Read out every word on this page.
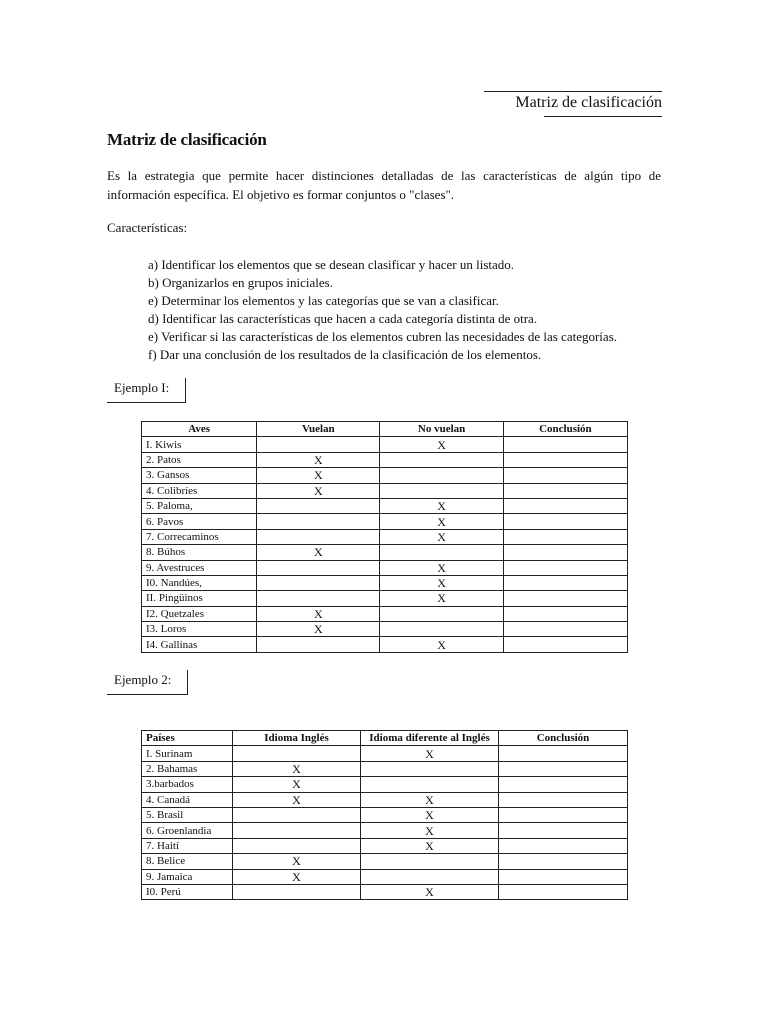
Matriz de clasificación
Matriz de clasificación
Es la estrategia que permite hacer distinciones detalladas de las características de algún tipo de información específica. El objetivo es formar conjuntos o "clases".
Características:
a) Identificar los elementos que se desean clasificar y hacer un listado.
b) Organizarlos en grupos iniciales.
e) Determinar los elementos y las categorías que se van a clasificar.
d) Identificar las características que hacen a cada categoría distinta de otra.
e) Verificar si las características de los elementos cubren las necesidades de las categorías.
f) Dar una conclusión de los resultados de la clasificación de los elementos.
Ejemplo I:
Aves	Vuelan	No vuelan	Conclusión
I. Kiwis		X	
2. Patos	X		
3. Gansos	X		
4. Colibríes	X		
5. Paloma,		X	
6. Pavos		X	
7. Correcaminos		X	
8. Búhos	X		
9. Avestruces		X	
I0. Nandúes,		X	
II. Pingüinos		X	
I2. Quetzales	X		
I3. Loros	X		
I4. Gallinas		X	
Ejemplo 2:
Países	Idioma Inglés	Idioma diferente al Inglés	Conclusión
I. Surinam		X	
2. Bahamas	X		
3.barbados	X		
4. Canadá	X	X	
5. Brasil		X	
6. Groenlandia		X	
7. Haití		X	
8. Belice	X		
9. Jamaica	X		
I0. Perú		X	
